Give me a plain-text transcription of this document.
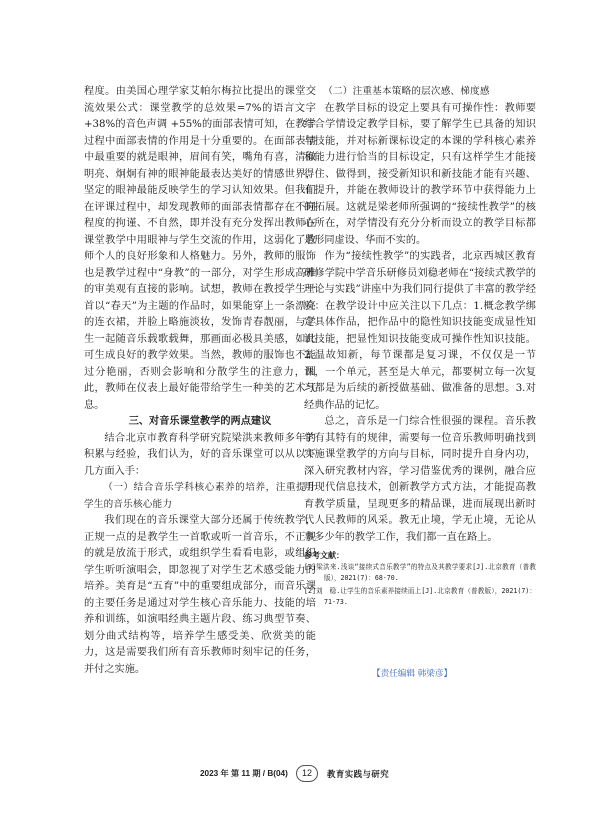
程度。由美国心理学家艾帕尔梅拉比提出的课堂交流效果公式：课堂教学的总效果=7%的语言文字 +38%的音色声调 +55%的面部表情可知，在教学过程中面部表情的作用是十分重要的。在面部表情中最重要的就是眼神，眉间有笑，嘴角有喜，清澈明亮、炯炯有神的眼神能最表达美好的情感世界，坚定的眼神最能反映学生的学习认知效果。但我们在评课过程中，却发现教师的面部表情都存在不同程度的拘谨、不自然，即并没有充分发挥出教师在课堂教学中用眼神与学生交流的作用，这弱化了教师个人的良好形象和人格魅力。另外，教师的服饰也是教学过程中“身教”的一部分，对学生形成高雅的审美观有直接的影响。试想，教师在教授学生一首以“春天”为主题的作品时，如果能穿上一条漂亮的连衣裙，并脸上略施淡妆，发饰青春靓丽，与学生一起随音乐载歌载舞，那画面必极具美感，如此可生成良好的教学效果。当然，教师的服饰也不能过分艳丽，否则会影响和分散学生的注意力，因此，教师在仪表上最好能带给学生一种美的艺术气息。

三、对音乐课堂教学的两点建议

结合北京市教育科学研究院梁洪来教师多年的积累与经验，我们认为，好的音乐课堂可以从以下几方面入手：

（一）结合音乐学科核心素养的培养，注重提升学生的音乐核心能力

我们现在的音乐课堂大部分还属于传统教学，正规一点的是教学生一首歌或听一首音乐，不正规的就是放流于形式，或组织学生看看电影，或组织学生听听演唱会，即忽视了对学生艺术感受能力的培养。美育是“五育”中的重要组成部分，而音乐课的主要任务是通过对学生核心音乐能力、技能的培养和训练，如演唱经典主题片段、练习典型节奏、划分曲式结构等，培养学生感受美、欣赏美的能力，这是需要我们所有音乐教师时刻牢记的任务，并付之实施。

（二）注重基本策略的层次感、梯度感

在教学目标的设定上要具有可操作性：教师要结合学情设定教学目标，要了解学生已具备的知识与技能，并对标新课标设定的本课的学科核心素养和能力进行恰当的目标设定，只有这样学生才能接得住、做得到，接受新知识和新技能才能有兴趣、有提升，并能在教师设计的教学环节中获得能力上的拓展。这就是梁老师所强调的“接续性教学”的核心所在，对学情没有充分分析而设立的教学目标都是形同虚设、华而不实的。

作为“接续性教学”的实践者，北京西城区教育研修学院中学音乐研修员刘稳老师在“接续式教学的理论与实践”讲座中为我们同行提供了丰富的教学经验：在教学设计中应关注以下几点：1.概念教学绑定具体作品，把作品中的隐性知识技能变成显性知识技能，把显性知识技能变成可操作性知识技能。2.温故知新，每节课都是复习课，不仅仅是一节课，一个单元，甚至是大单元，都要树立每一次复习都是为后续的新授做基础、做准备的思想。3.对经典作品的记忆。

总之，音乐是一门综合性很强的课程。音乐教学有其特有的规律，需要每一位音乐教师明确找到实施课堂教学的方向与目标，同时提升自身内功，深入研究教材内容，学习借鉴优秀的课例，融合应用现代信息技术，创新教学方式方法，才能提高教育教学质量，呈现更多的精品课，进而展现出新时代人民教师的风采。教无止境，学无止境，无论从事多少年的教学工作，我们都一直在路上。

参考文献：

[1]梁洪来.浅谈“接续式音乐教学”的特点及其教学要求[J].北京教育（普教版），2021(7)：68-70.

[2]刘　稳.让学生的音乐素养接续而上[J].北京教育（普教版），2021(7)：71-73.

【责任编辑 韩梁彦】
2023 年 第 11 期 / B(04)	12	教育实践与研究
